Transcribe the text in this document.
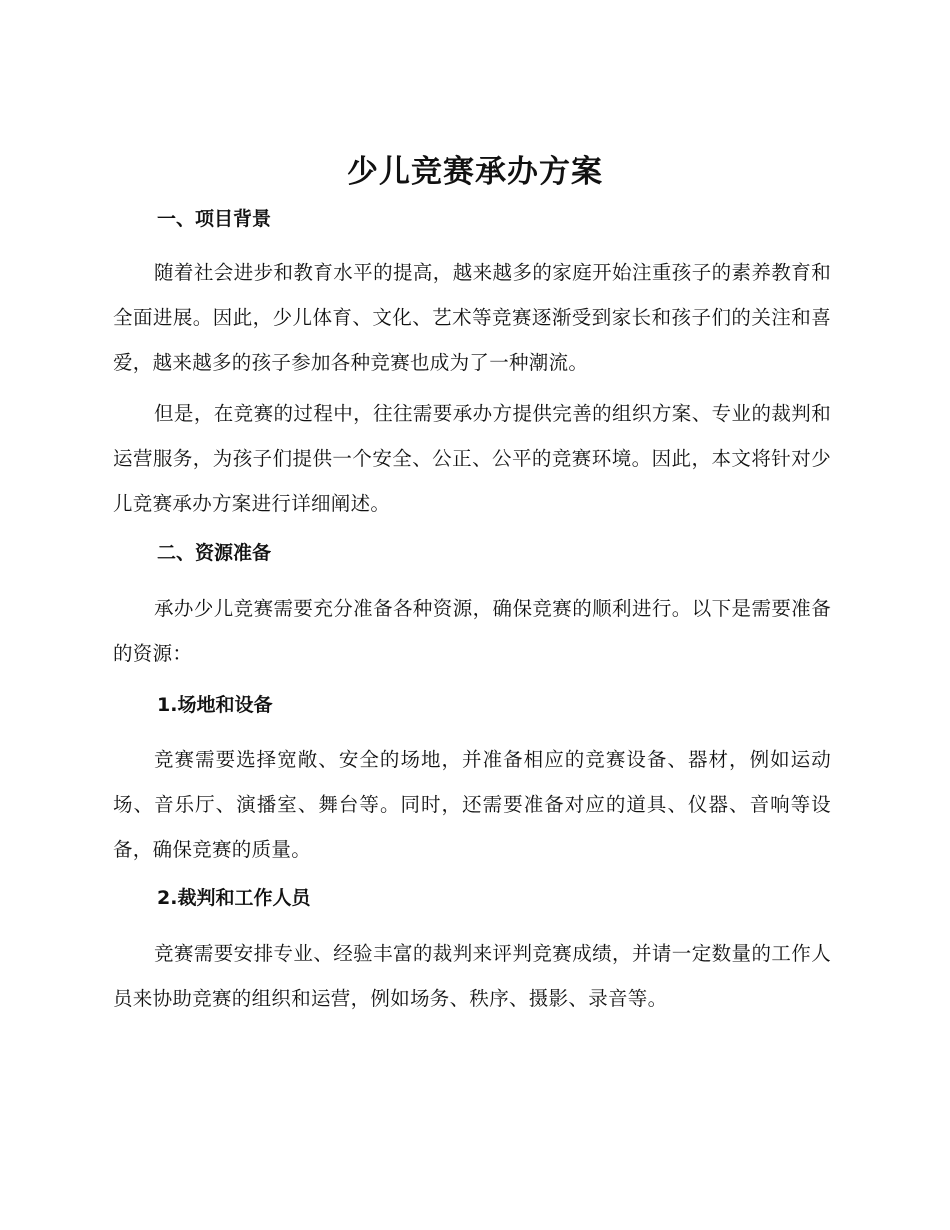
少儿竞赛承办方案
一、项目背景

随着社会进步和教育水平的提高，越来越多的家庭开始注重孩子的素养教育和全面进展。因此，少儿体育、文化、艺术等竞赛逐渐受到家长和孩子们的关注和喜爱，越来越多的孩子参加各种竞赛也成为了一种潮流。

但是，在竞赛的过程中，往往需要承办方提供完善的组织方案、专业的裁判和运营服务，为孩子们提供一个安全、公正、公平的竞赛环境。因此，本文将针对少儿竞赛承办方案进行详细阐述。

二、资源准备

承办少儿竞赛需要充分准备各种资源，确保竞赛的顺利进行。以下是需要准备的资源：

1.场地和设备

竞赛需要选择宽敞、安全的场地，并准备相应的竞赛设备、器材，例如运动场、音乐厅、演播室、舞台等。同时，还需要准备对应的道具、仪器、音响等设备，确保竞赛的质量。

2.裁判和工作人员

竞赛需要安排专业、经验丰富的裁判来评判竞赛成绩，并请一定数量的工作人员来协助竞赛的组织和运营，例如场务、秩序、摄影、录音等。
